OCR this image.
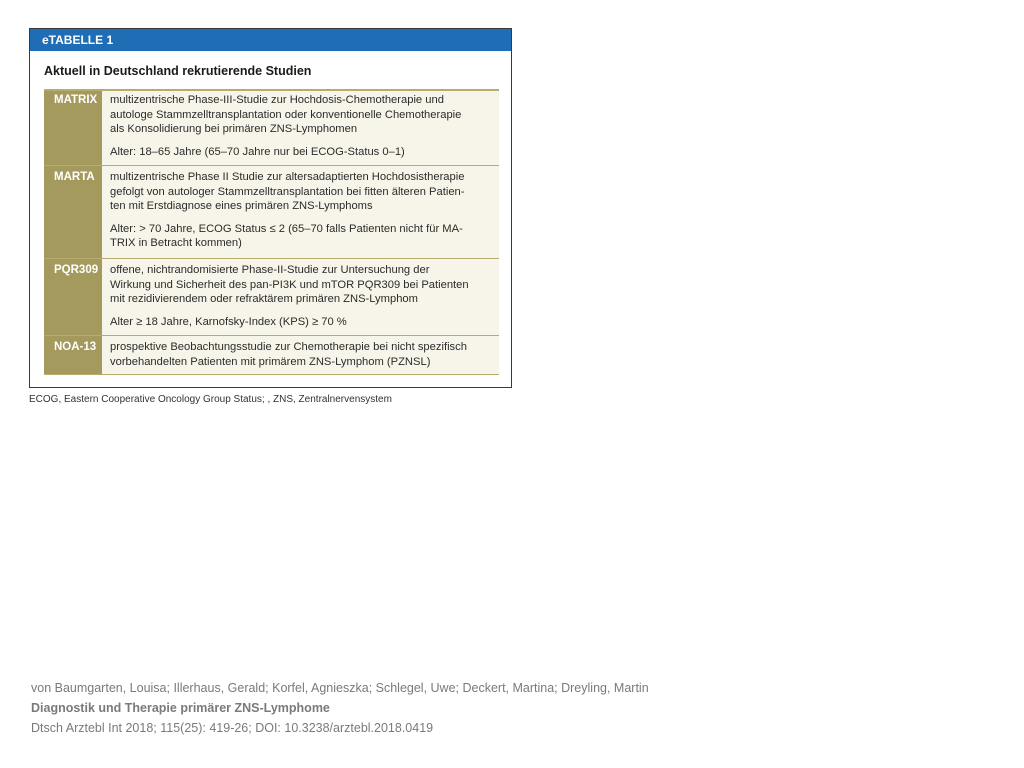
eTABELLE 1
Aktuell in Deutschland rekrutierende Studien
MATRIX	multizentrische Phase-III-Studie zur Hochdosis-Chemotherapie und
autologe Stammzelltransplantation oder konventionelle Chemotherapie
als Konsolidierung bei primären ZNS-Lymphomen
Alter: 18–65 Jahre (65–70 Jahre nur bei ECOG-Status 0–1)
MARTA	multizentrische Phase II Studie zur altersadaptierten Hochdosistherapie
gefolgt von autologer Stammzelltransplantation bei fitten älteren Patien-
ten mit Erstdiagnose eines primären ZNS-Lymphoms
Alter: > 70 Jahre, ECOG Status ≤ 2 (65–70 falls Patienten nicht für MA-
TRIX in Betracht kommen)
PQR309	offene, nichtrandomisierte Phase-II-Studie zur Untersuchung der
Wirkung und Sicherheit des pan-PI3K und mTOR PQR309 bei Patienten
mit rezidivierendem oder refraktärem primären ZNS-Lymphom
Alter ≥ 18 Jahre, Karnofsky-Index (KPS) ≥ 70 %
NOA-13	prospektive Beobachtungsstudie zur Chemotherapie bei nicht spezifisch
vorbehandelten Patienten mit primärem ZNS-Lymphom (PZNSL)
ECOG, Eastern Cooperative Oncology Group Status; , ZNS, Zentralnervensystem
von Baumgarten, Louisa; Illerhaus, Gerald; Korfel, Agnieszka; Schlegel, Uwe; Deckert, Martina; Dreyling, Martin
Diagnostik und Therapie primärer ZNS-Lymphome
Dtsch Arztebl Int 2018; 115(25): 419-26; DOI: 10.3238/arztebl.2018.0419
